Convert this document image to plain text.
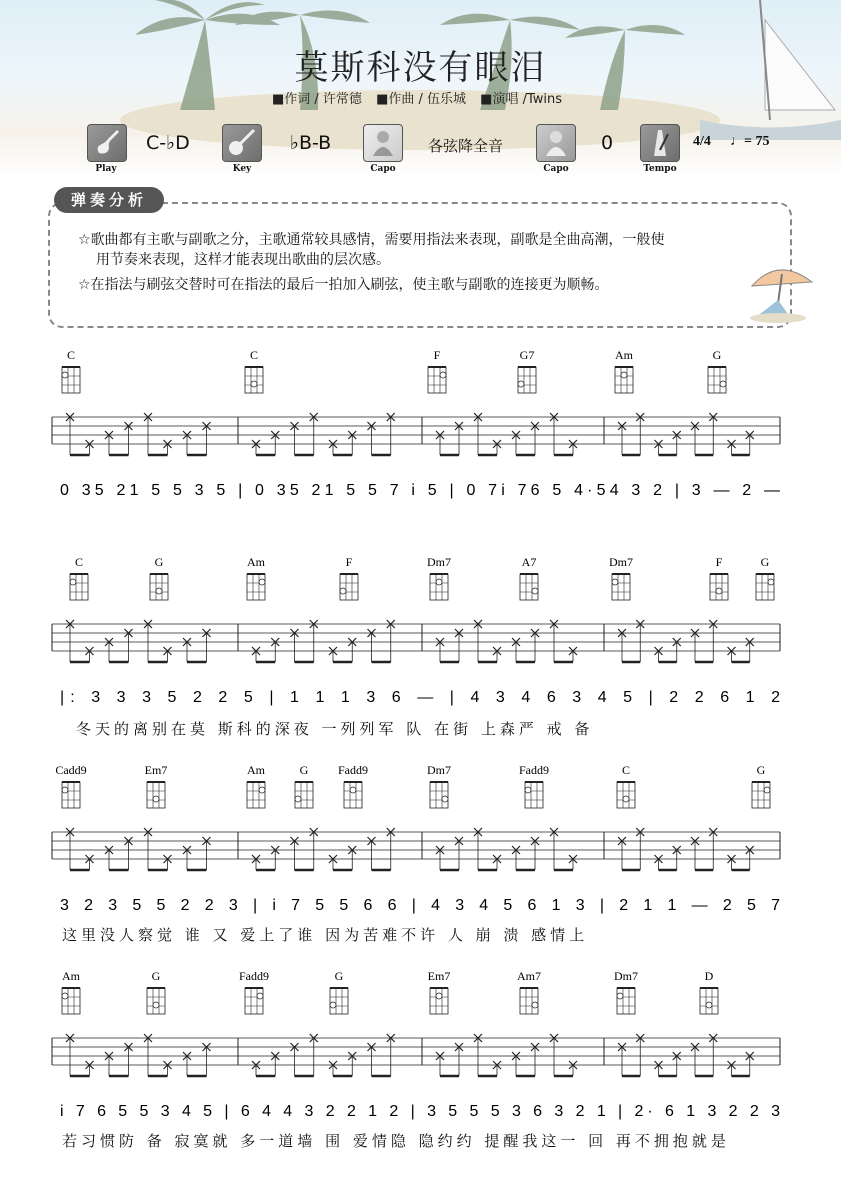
莫斯科没有眼泪
■作词 / 许常德 ■作曲 / 伍乐城 ■演唱 /Twins
Play
C-♭D
Key
♭B-B
Capo
各弦降全音
Capo
0
Tempo
4/4 ♩= 75
弹奏分析
☆歌曲都有主歌与副歌之分，主歌通常较具感情，需要用指法来表现，副歌是全曲高潮，一般使
用节奏来表现，这样才能表现出歌曲的层次感。
☆在指法与刷弦交替时可在指法的最后一拍加入刷弦，使主歌与副歌的连接更为顺畅。
C	C	F	G7	Am	G
0 35 21 5 5 3 5 | 0 35 21 5 5 7 i 5 | 0 7i 76 5 4·54 3 2 | 3 — 2 —
C	G	Am	F	Dm7	A7	Dm7	F	G
|: 3 3 3 5 2 2 5 | 1 1 1 3 6 — | 4 3 4 6 3 4 5 | 2 2 6 1 2
Cadd9	Em7	Am	G Fadd9	Dm7	Fadd9	C	G
3 2 3 5 5 2 2 3 | i 7 5 5 6 6 | 4 3 4 5 6 1 3 | 2 1 1 — 2 5 7
Am	G	Fadd9	G	Em7	Am7	Dm7	D
i 7 6 5 5 3 4 5 | 6 4 4 3 2 2 1 2 | 3 5 5 5 3 6 3 2 1 | 2· 6 1 3 2 2 3
冬天的离别在莫 斯科的深夜 一列列军 队 在街 上森严 戒 备
这里没人察觉 谁 又 爱上了谁 因为苦难不许 人 崩 溃 感情上
若习惯防 备 寂寞就 多一道墙 围 爱情隐 隐约约 提醒我这一 回 再不拥抱就是
